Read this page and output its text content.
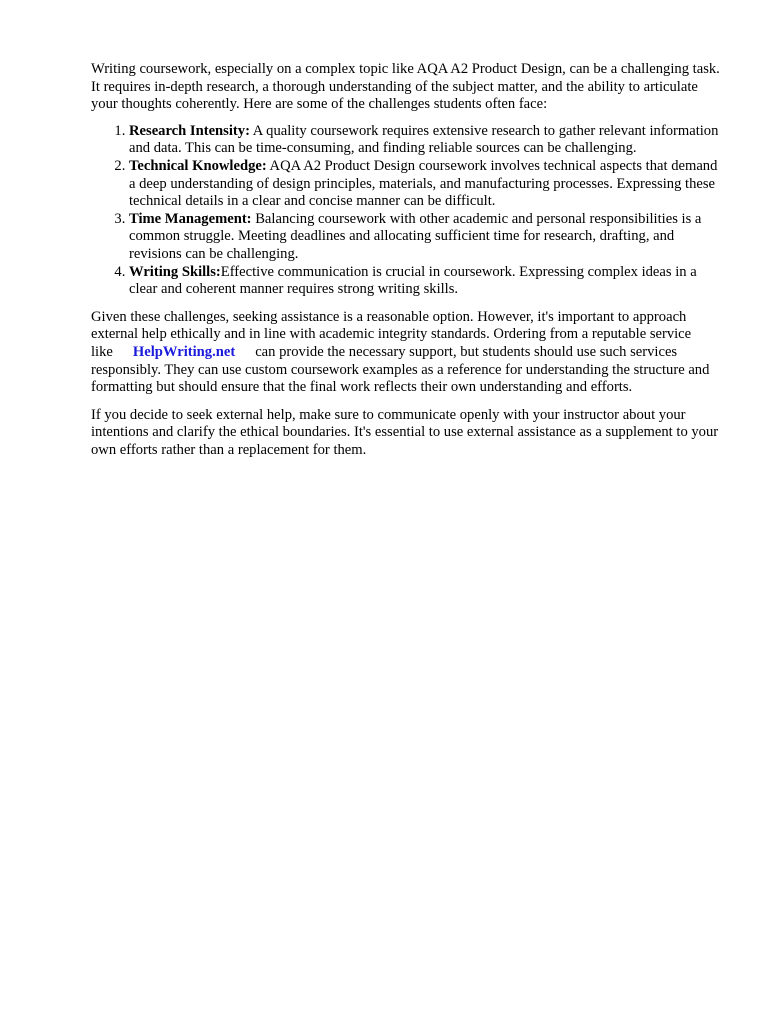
Writing coursework, especially on a complex topic like AQA A2 Product Design, can be a challenging task. It requires in-depth research, a thorough understanding of the subject matter, and the ability to articulate your thoughts coherently. Here are some of the challenges students often face:

1. Research Intensity: A quality coursework requires extensive research to gather relevant information and data. This can be time-consuming, and finding reliable sources can be challenging.
2. Technical Knowledge: AQA A2 Product Design coursework involves technical aspects that demand a deep understanding of design principles, materials, and manufacturing processes. Expressing these technical details in a clear and concise manner can be difficult.
3. Time Management: Balancing coursework with other academic and personal responsibilities is a common struggle. Meeting deadlines and allocating sufficient time for research, drafting, and revisions can be challenging.
4. Writing Skills:Effective communication is crucial in coursework. Expressing complex ideas in a clear and coherent manner requires strong writing skills.

Given these challenges, seeking assistance is a reasonable option. However, it's important to approach external help ethically and in line with academic integrity standards. Ordering from a reputable service like HelpWriting.net can provide the necessary support, but students should use such services responsibly. They can use custom coursework examples as a reference for understanding the structure and formatting but should ensure that the final work reflects their own understanding and efforts.

If you decide to seek external help, make sure to communicate openly with your instructor about your intentions and clarify the ethical boundaries. It's essential to use external assistance as a supplement to your own efforts rather than a replacement for them.
